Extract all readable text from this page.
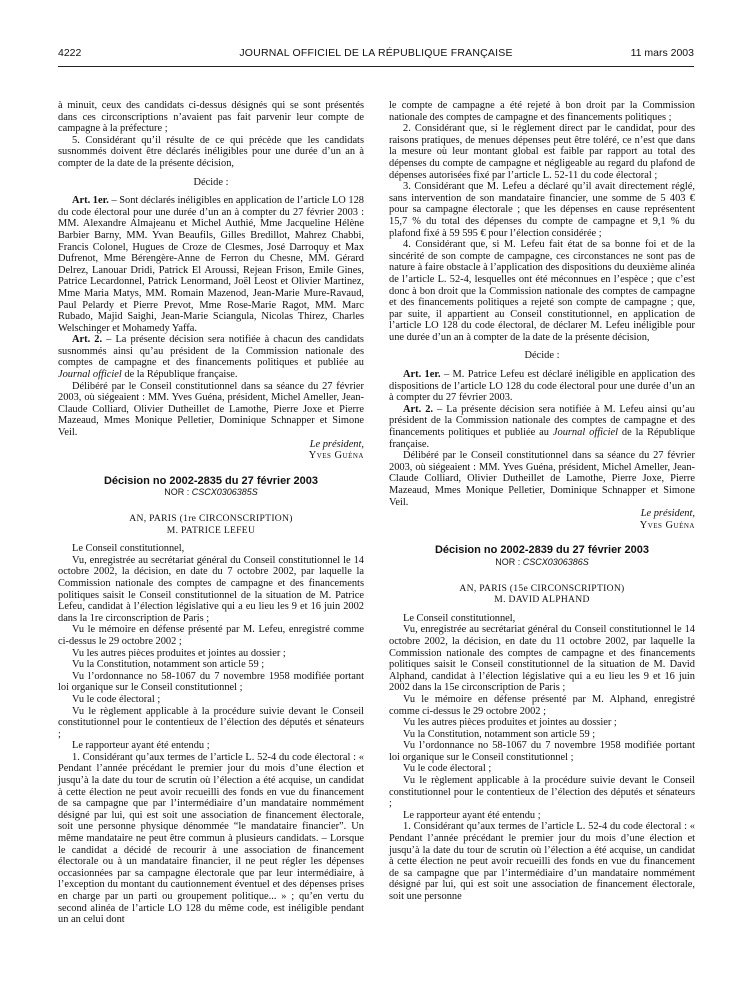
4222	JOURNAL OFFICIEL DE LA RÉPUBLIQUE FRANÇAISE	11 mars 2003

à minuit, ceux des candidats ci-dessus désignés qui se sont présentés dans ces circonscriptions n’avaient pas fait parvenir leur compte de campagne à la préfecture ;

5. Considérant qu’il résulte de ce qui précède que les candidats susnommés doivent être déclarés inéligibles pour une durée d’un an à compter de la date de la présente décision,

Décide :

Art. 1er. – Sont déclarés inéligibles en application de l’article LO 128 du code électoral pour une durée d’un an à compter du 27 février 2003 : MM. Alexandre Almajeanu et Michel Authié, Mme Jacqueline Hélène Barbier Barny, MM. Yvan Beaufils, Gilles Bredillot, Mahrez Chabbi, Francis Colonel, Hugues de Croze de Clesmes, José Darroquy et Max Dufrenot, Mme Bérengère-Anne de Ferron du Chesne, MM. Gérard Delrez, Lanouar Dridi, Patrick El Aroussi, Rejean Frison, Emile Gines, Patrice Lecardonnel, Patrick Lenormand, Joël Leost et Olivier Martinez, Mme Maria Matys, MM. Romain Mazenod, Jean-Marie Mure-Ravaud, Paul Pelardy et Pierre Prevot, Mme Rose-Marie Ragot, MM. Marc Rubado, Majid Saighi, Jean-Marie Sciangula, Nicolas Thirez, Charles Welschinger et Mohamedy Yaffa.

Art. 2. – La présente décision sera notifiée à chacun des candidats susnommés ainsi qu’au président de la Commission nationale des comptes de campagne et des financements politiques et publiée au Journal officiel de la République française.

Délibéré par le Conseil constitutionnel dans sa séance du 27 février 2003, où siégeaient : MM. Yves Guéna, président, Michel Ameller, Jean-Claude Colliard, Olivier Dutheillet de Lamothe, Pierre Joxe et Pierre Mazeaud, Mmes Monique Pelletier, Dominique Schnapper et Simone Veil.

Le président,

Yves Guéna

Décision no 2002-2835 du 27 février 2003

NOR : CSCX0306385S

AN, PARIS (1re CIRCONSCRIPTION)

M. PATRICE LEFEU

Le Conseil constitutionnel,

Vu, enregistrée au secrétariat général du Conseil constitutionnel le 14 octobre 2002, la décision, en date du 7 octobre 2002, par laquelle la Commission nationale des comptes de campagne et des financements politiques saisit le Conseil constitutionnel de la situation de M. Patrice Lefeu, candidat à l’élection législative qui a eu lieu les 9 et 16 juin 2002 dans la 1re circonscription de Paris ;

Vu le mémoire en défense présenté par M. Lefeu, enregistré comme ci-dessus le 29 octobre 2002 ;

Vu les autres pièces produites et jointes au dossier ;

Vu la Constitution, notamment son article 59 ;

Vu l’ordonnance no 58-1067 du 7 novembre 1958 modifiée portant loi organique sur le Conseil constitutionnel ;

Vu le code électoral ;

Vu le règlement applicable à la procédure suivie devant le Conseil constitutionnel pour le contentieux de l’élection des députés et sénateurs ;

Le rapporteur ayant été entendu ;

1. Considérant qu’aux termes de l’article L. 52-4 du code électoral : « Pendant l’année précédant le premier jour du mois d’une élection et jusqu’à la date du tour de scrutin où l’élection a été acquise, un candidat à cette élection ne peut avoir recueilli des fonds en vue du financement de sa campagne que par l’intermédiaire d’un mandataire nommément désigné par lui, qui est soit une association de financement électorale, soit une personne physique dénommée “le mandataire financier”. Un même mandataire ne peut être commun à plusieurs candidats. – Lorsque le candidat a décidé de recourir à une association de financement électorale ou à un mandataire financier, il ne peut régler les dépenses occasionnées par sa campagne électorale que par leur intermédiaire, à l’exception du montant du cautionnement éventuel et des dépenses prises en charge par un parti ou groupement politique... » ; qu’en vertu du second alinéa de l’article LO 128 du même code, est inéligible pendant un an celui dont

le compte de campagne a été rejeté à bon droit par la Commission nationale des comptes de campagne et des financements politiques ;

2. Considérant que, si le règlement direct par le candidat, pour des raisons pratiques, de menues dépenses peut être toléré, ce n’est que dans la mesure où leur montant global est faible par rapport au total des dépenses du compte de campagne et négligeable au regard du plafond de dépenses autorisées fixé par l’article L. 52-11 du code électoral ;

3. Considérant que M. Lefeu a déclaré qu’il avait directement réglé, sans intervention de son mandataire financier, une somme de 5 403 € pour sa campagne électorale ; que les dépenses en cause représentent 15,7 % du total des dépenses du compte de campagne et 9,1 % du plafond fixé à 59 595 € pour l’élection considérée ;

4. Considérant que, si M. Lefeu fait état de sa bonne foi et de la sincérité de son compte de campagne, ces circonstances ne sont pas de nature à faire obstacle à l’application des dispositions du deuxième alinéa de l’article L. 52-4, lesquelles ont été méconnues en l’espèce ; que c’est donc à bon droit que la Commission nationale des comptes de campagne et des financements politiques a rejeté son compte de campagne ; que, par suite, il appartient au Conseil constitutionnel, en application de l’article LO 128 du code électoral, de déclarer M. Lefeu inéligible pour une durée d’un an à compter de la date de la présente décision,

Décide :

Art. 1er. – M. Patrice Lefeu est déclaré inéligible en application des dispositions de l’article LO 128 du code électoral pour une durée d’un an à compter du 27 février 2003.

Art. 2. – La présente décision sera notifiée à M. Lefeu ainsi qu’au président de la Commission nationale des comptes de campagne et des financements politiques et publiée au Journal officiel de la République française.

Délibéré par le Conseil constitutionnel dans sa séance du 27 février 2003, où siégeaient : MM. Yves Guéna, président, Michel Ameller, Jean-Claude Colliard, Olivier Dutheillet de Lamothe, Pierre Joxe, Pierre Mazeaud, Mmes Monique Pelletier, Dominique Schnapper et Simone Veil.

Le président,

Yves Guéna

Décision no 2002-2839 du 27 février 2003

NOR : CSCX0306386S

AN, PARIS (15e CIRCONSCRIPTION)

M. DAVID ALPHAND

Le Conseil constitutionnel,

Vu, enregistrée au secrétariat général du Conseil constitutionnel le 14 octobre 2002, la décision, en date du 11 octobre 2002, par laquelle la Commission nationale des comptes de campagne et des financements politiques saisit le Conseil constitutionnel de la situation de M. David Alphand, candidat à l’élection législative qui a eu lieu les 9 et 16 juin 2002 dans la 15e circonscription de Paris ;

Vu le mémoire en défense présenté par M. Alphand, enregistré comme ci-dessus le 29 octobre 2002 ;

Vu les autres pièces produites et jointes au dossier ;

Vu la Constitution, notamment son article 59 ;

Vu l’ordonnance no 58-1067 du 7 novembre 1958 modifiée portant loi organique sur le Conseil constitutionnel ;

Vu le code électoral ;

Vu le règlement applicable à la procédure suivie devant le Conseil constitutionnel pour le contentieux de l’élection des députés et sénateurs ;

Le rapporteur ayant été entendu ;

1. Considérant qu’aux termes de l’article L. 52-4 du code électoral : « Pendant l’année précédant le premier jour du mois d’une élection et jusqu’à la date du tour de scrutin où l’élection a été acquise, un candidat à cette élection ne peut avoir recueilli des fonds en vue du financement de sa campagne que par l’intermédiaire d’un mandataire nommément désigné par lui, qui est soit une association de financement électorale, soit une personne
